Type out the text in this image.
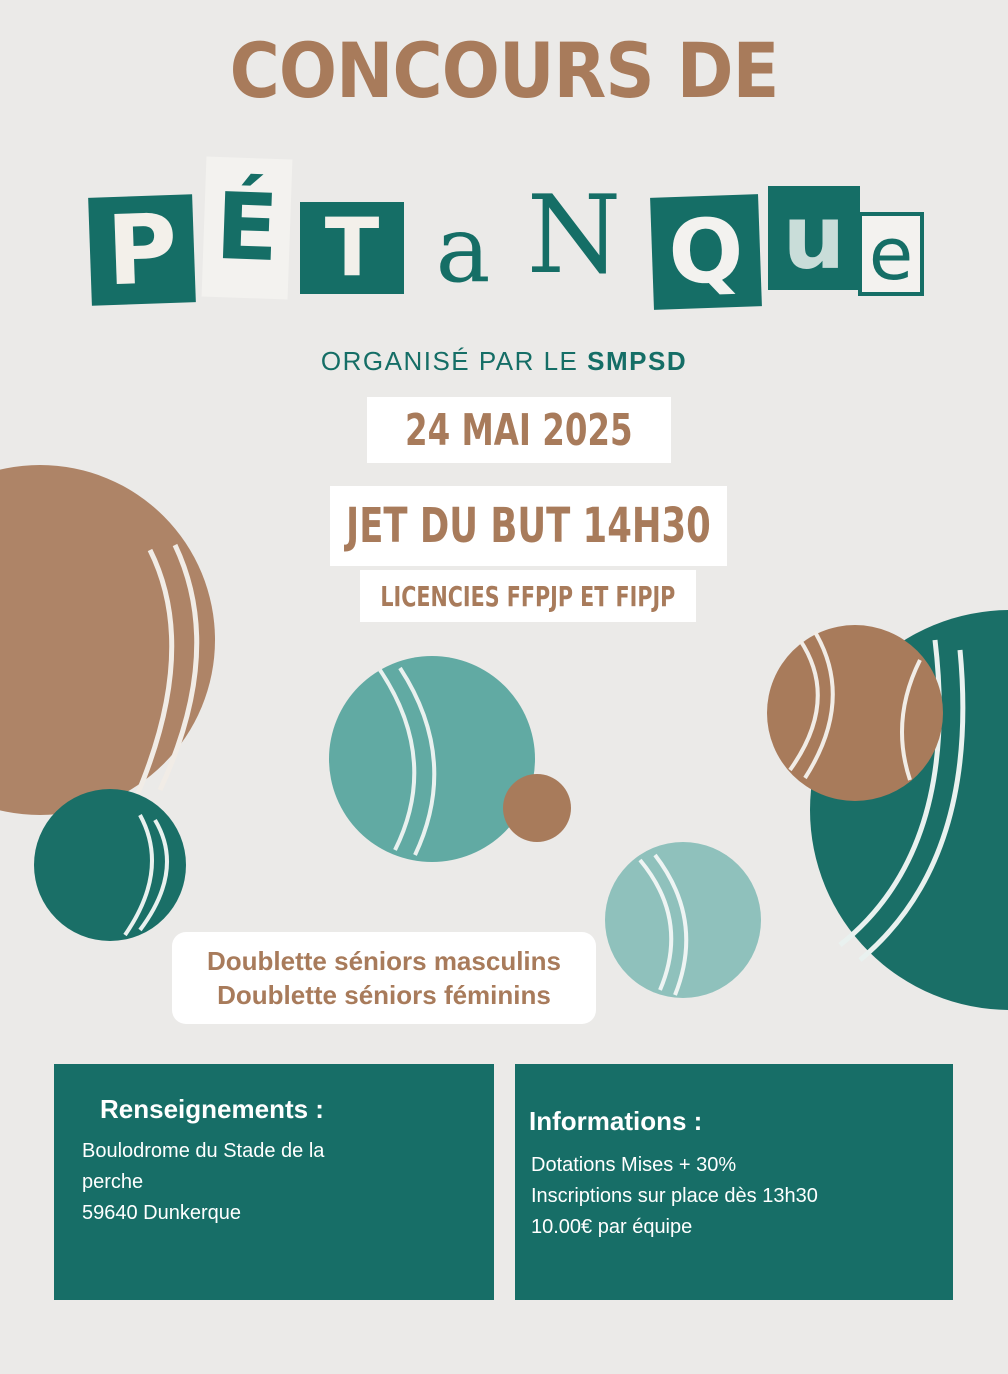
CONCOURS DE
P É T a N Q u e
ORGANISÉ PAR LE SMPSD
24 MAI 2025
JET DU BUT 14H30
LICENCIES FFPJP ET FIPJP
Doublette séniors masculins
Doublette séniors féminins
Renseignements :
Boulodrome du Stade de la
perche
59640 Dunkerque
Informations :
Dotations Mises + 30%
Inscriptions sur place dès 13h30
10.00€ par équipe
